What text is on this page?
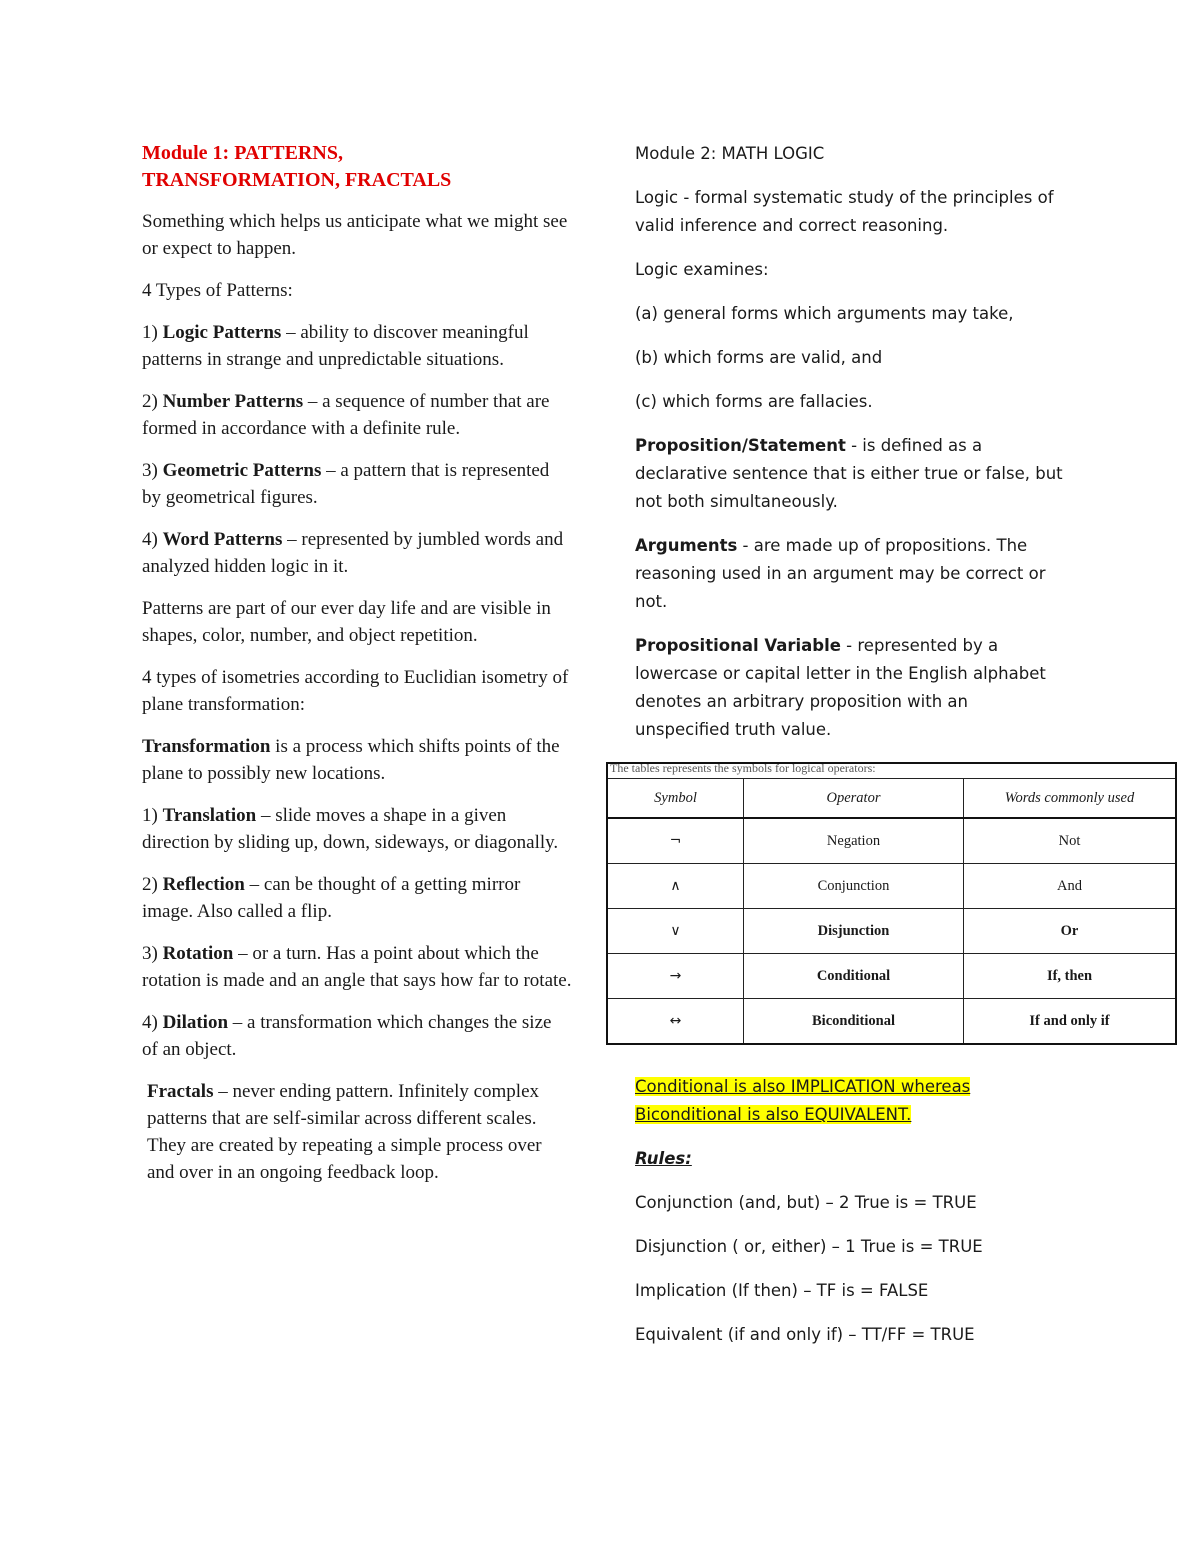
Module 1: PATTERNS,
TRANSFORMATION, FRACTALS

Something which helps us anticipate what we might see or expect to happen.

4 Types of Patterns:

1) Logic Patterns – ability to discover meaningful patterns in strange and unpredictable situations.

2) Number Patterns – a sequence of number that are formed in accordance with a definite rule.

3) Geometric Patterns – a pattern that is represented by geometrical figures.

4) Word Patterns – represented by jumbled words and analyzed hidden logic in it.

Patterns are part of our ever day life and are visible in shapes, color, number, and object repetition.

4 types of isometries according to Euclidian isometry of plane transformation:

Transformation is a process which shifts points of the plane to possibly new locations.

1) Translation – slide moves a shape in a given direction by sliding up, down, sideways, or diagonally.

2) Reflection – can be thought of a getting mirror image. Also called a flip.

3) Rotation – or a turn. Has a point about which the rotation is made and an angle that says how far to rotate.

4) Dilation – a transformation which changes the size of an object.

Fractals – never ending pattern. Infinitely complex patterns that are self-similar across different scales. They are created by repeating a simple process over and over in an ongoing feedback loop.

Module 2: MATH LOGIC

Logic - formal systematic study of the principles of valid inference and correct reasoning.

Logic examines:

(a) general forms which arguments may take,

(b) which forms are valid, and

(c) which forms are fallacies.

Proposition/Statement - is defined as a declarative sentence that is either true or false, but not both simultaneously.

Arguments - are made up of propositions. The reasoning used in an argument may be correct or not.

Propositional Variable - represented by a lowercase or capital letter in the English alphabet denotes an arbitrary proposition with an unspecified truth value.

The tables represents the symbols for logical operators:
Symbol	Operator	Words commonly used
¬	Negation	Not
∧	Conjunction	And
∨	Disjunction	Or
→	Conditional	If, then
↔	Biconditional	If and only if

Conditional is also IMPLICATION whereas
Biconditional is also EQUIVALENT.

Rules:

Conjunction (and, but) – 2 True is = TRUE

Disjunction ( or, either) – 1 True is = TRUE

Implication (If then) – TF is = FALSE

Equivalent (if and only if) – TT/FF = TRUE
